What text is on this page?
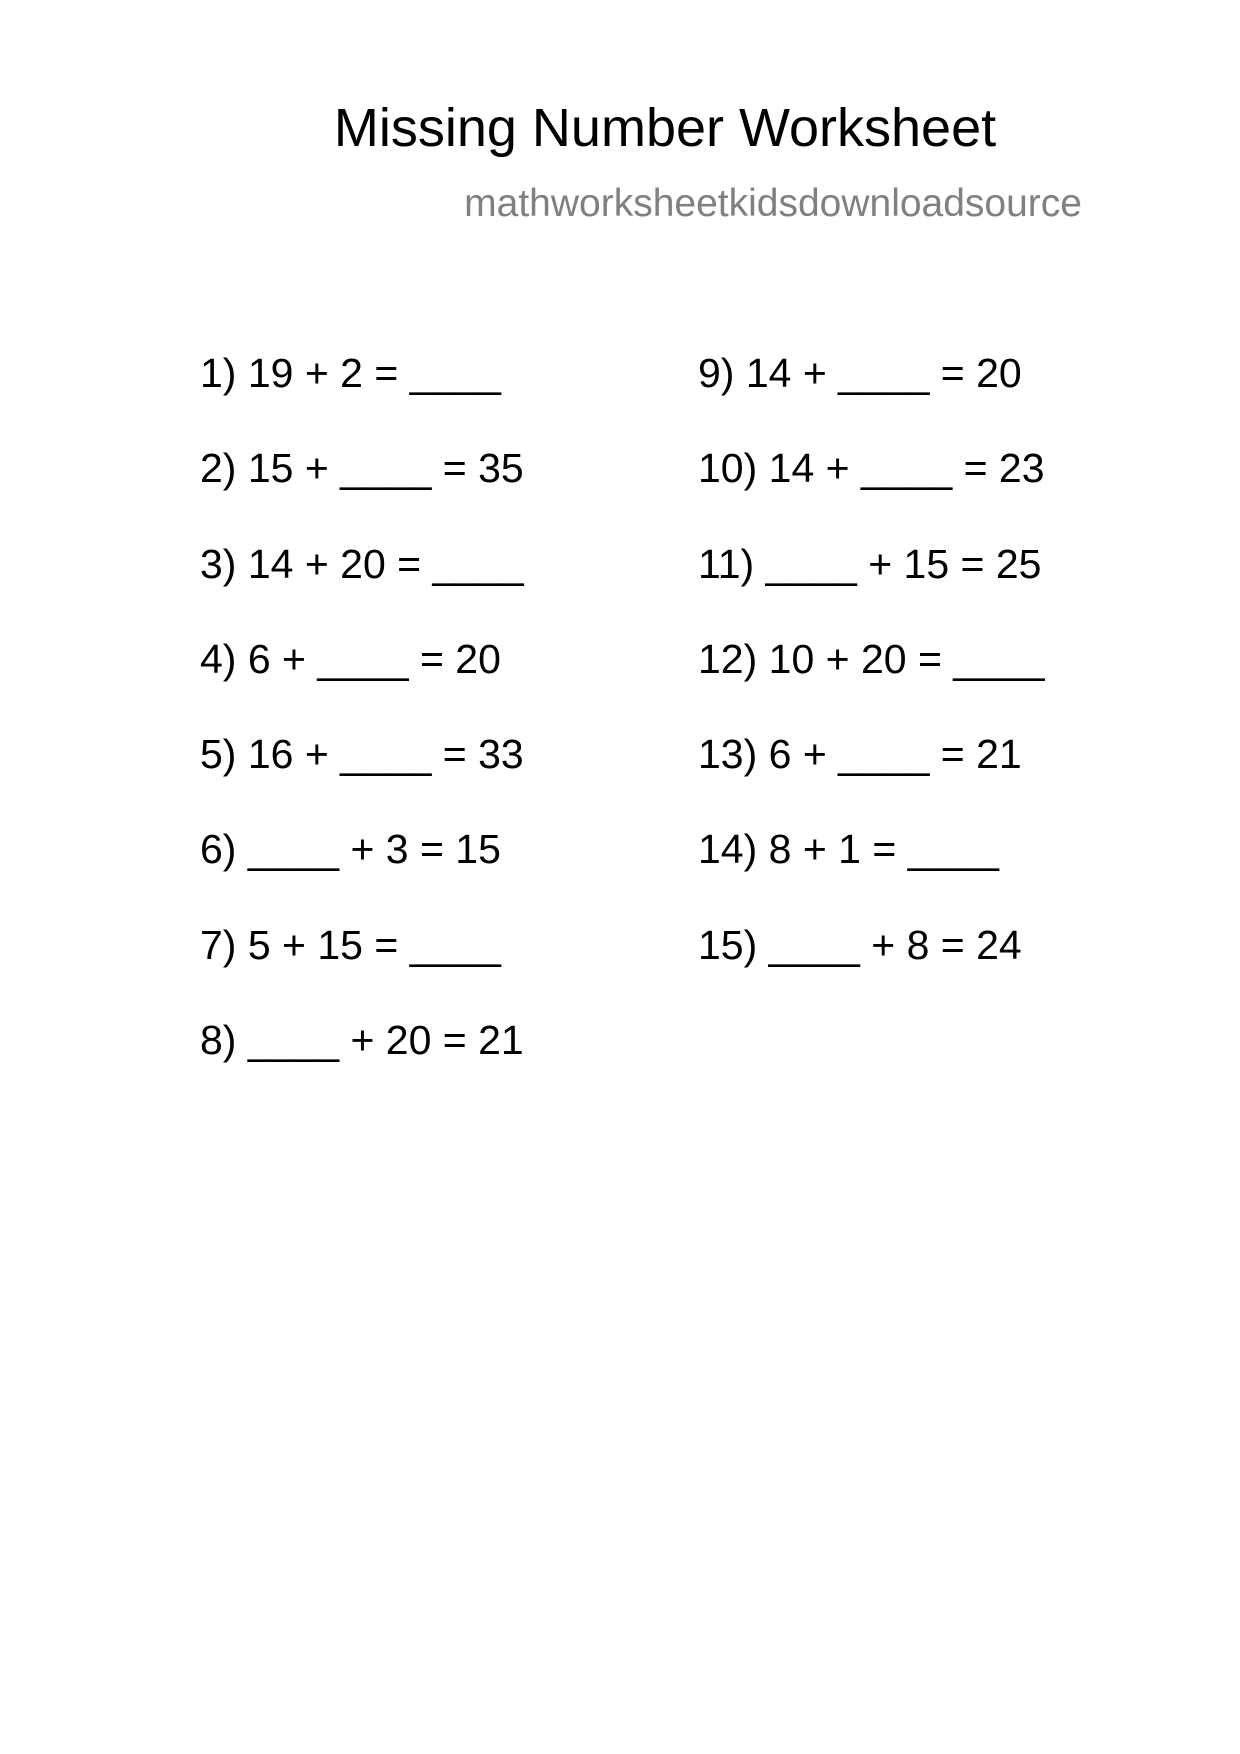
Missing Number Worksheet
mathworksheetkidsdownloadsource
1) 19 + 2 = ____
2) 15 + ____ = 35
3) 14 + 20 = ____
4) 6 + ____ = 20
5) 16 + ____ = 33
6) ____ + 3 = 15
7) 5 + 15 = ____
8) ____ + 20 = 21
9) 14 + ____ = 20
10) 14 + ____ = 23
11) ____ + 15 = 25
12) 10 + 20 = ____
13) 6 + ____ = 21
14) 8 + 1 = ____
15) ____ + 8 = 24
